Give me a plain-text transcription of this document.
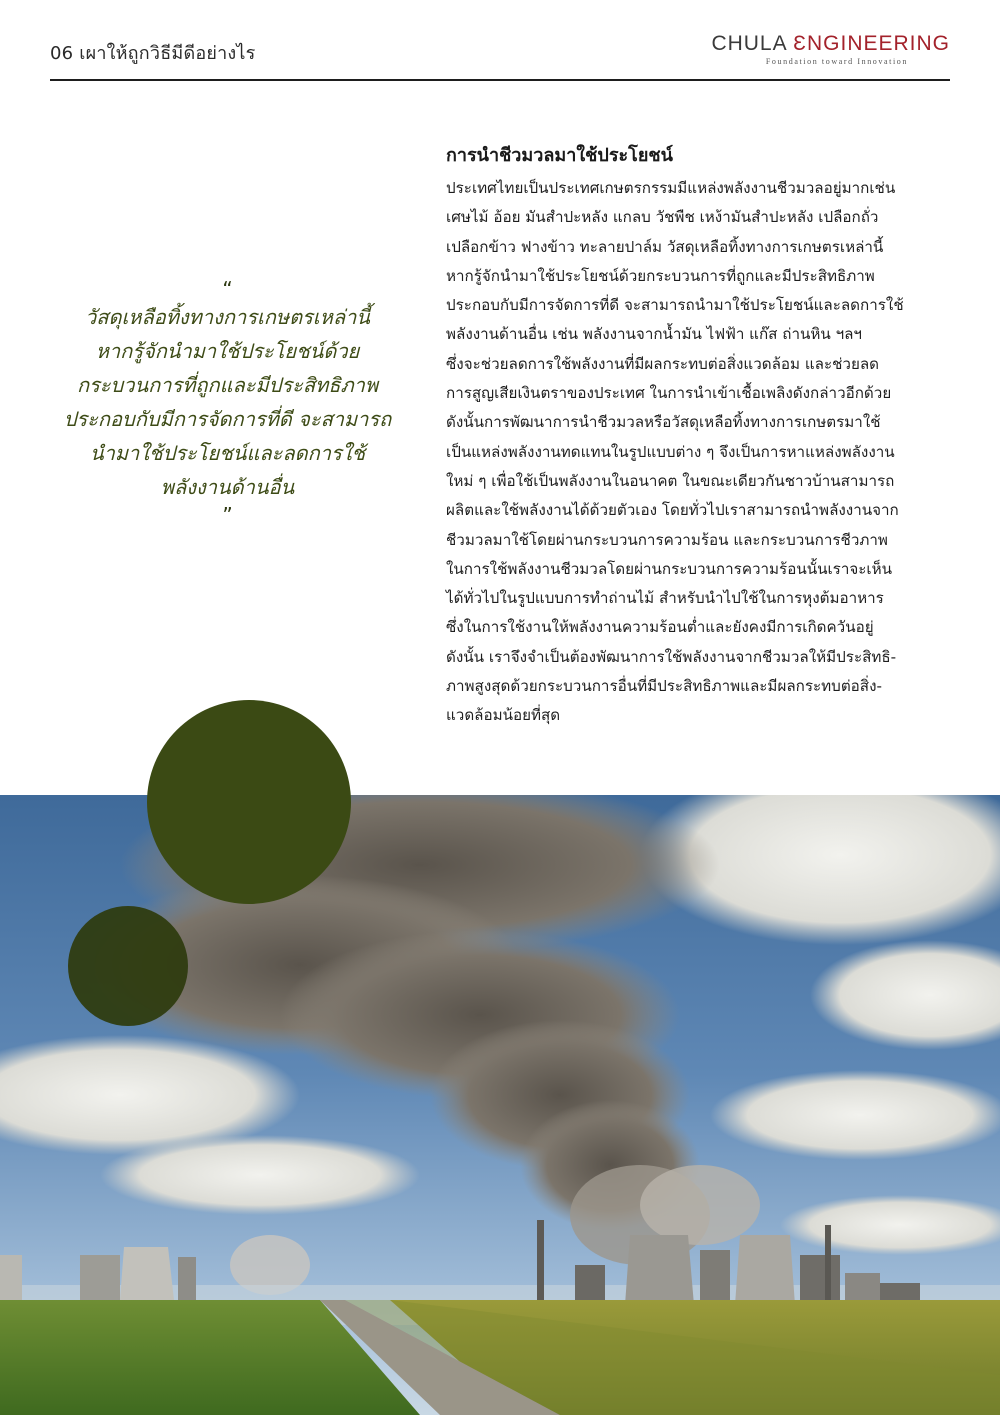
06 เผาให้ถูกวิธีมีดีอย่างไร	CHULA ƐNGINEERING
Foundation toward Innovation
“
วัสดุเหลือทิ้งทางการเกษตรเหล่านี้
หากรู้จักนำมาใช้ประโยชน์ด้วย
กระบวนการที่ถูกและมีประสิทธิภาพ
ประกอบกับมีการจัดการที่ดี จะสามารถ
นำมาใช้ประโยชน์และลดการใช้
พลังงานด้านอื่น
”
การนำชีวมวลมาใช้ประโยชน์
ประเทศไทยเป็นประเทศเกษตรกรรมมีแหล่งพลังงานชีวมวลอยู่มากเช่น
เศษไม้ อ้อย มันสำปะหลัง แกลบ วัชพืช เหง้ามันสำปะหลัง เปลือกถั่ว
เปลือกข้าว ฟางข้าว ทะลายปาล์ม วัสดุเหลือทิ้งทางการเกษตรเหล่านี้
หากรู้จักนำมาใช้ประโยชน์ด้วยกระบวนการที่ถูกและมีประสิทธิภาพ
ประกอบกับมีการจัดการที่ดี จะสามารถนำมาใช้ประโยชน์และลดการใช้
พลังงานด้านอื่น เช่น พลังงานจากน้ำมัน ไฟฟ้า แก๊ส ถ่านหิน ฯลฯ
ซึ่งจะช่วยลดการใช้พลังงานที่มีผลกระทบต่อสิ่งแวดล้อม และช่วยลด
การสูญเสียเงินตราของประเทศ ในการนำเข้าเชื้อเพลิงดังกล่าวอีกด้วย
ดังนั้นการพัฒนาการนำชีวมวลหรือวัสดุเหลือทิ้งทางการเกษตรมาใช้
เป็นแหล่งพลังงานทดแทนในรูปแบบต่าง ๆ จึงเป็นการหาแหล่งพลังงาน
ใหม่ ๆ เพื่อใช้เป็นพลังงานในอนาคต ในขณะเดียวกันชาวบ้านสามารถ
ผลิตและใช้พลังงานได้ด้วยตัวเอง โดยทั่วไปเราสามารถนำพลังงานจาก
ชีวมวลมาใช้โดยผ่านกระบวนการความร้อน และกระบวนการชีวภาพ
ในการใช้พลังงานชีวมวลโดยผ่านกระบวนการความร้อนนั้นเราจะเห็น
ได้ทั่วไปในรูปแบบการทำถ่านไม้ สำหรับนำไปใช้ในการหุงต้มอาหาร
ซึ่งในการใช้งานให้พลังงานความร้อนต่ำและยังคงมีการเกิดควันอยู่
ดังนั้น เราจึงจำเป็นต้องพัฒนาการใช้พลังงานจากชีวมวลให้มีประสิทธิ-
ภาพสูงสุดด้วยกระบวนการอื่นที่มีประสิทธิภาพและมีผลกระทบต่อสิ่ง-
แวดล้อมน้อยที่สุด
